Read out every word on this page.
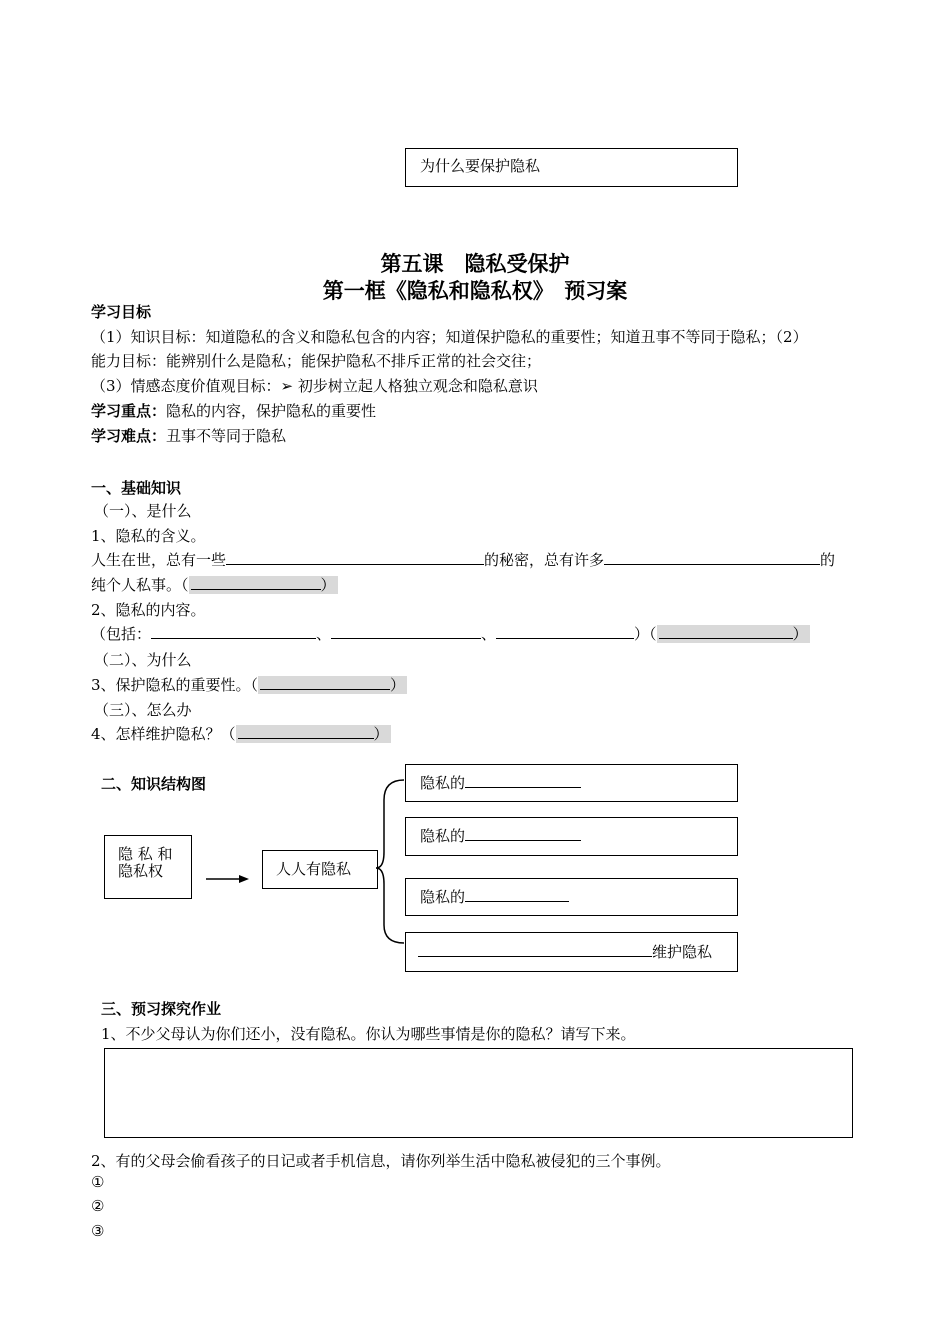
为什么要保护隐私
第五课　隐私受保护
第一框《隐私和隐私权》　预习案
学习目标
（1）知识目标：知道隐私的含义和隐私包含的内容；知道保护隐私的重要性；知道丑事不等同于隐私；（2）
能力目标：能辨别什么是隐私；能保护隐私不排斥正常的社会交往；
（3）情感态度价值观目标：➢ 初步树立起人格独立观念和隐私意识
学习重点：隐私的内容，保护隐私的重要性
学习难点：丑事不等同于隐私
一、基础知识
（一）、是什么
1、隐私的含义。
人生在世，总有一些	的秘密，总有许多	的
纯个人私事。（	）
2、隐私的内容。
（包括：	、	、	）（	）
（二）、为什么
3、保护隐私的重要性。（	）
（三）、怎么办
4、怎样维护隐私？（	）
二、知识结构图
隐 私 和
隐私权	人人有隐私
隐私的
隐私的
隐私的
维护隐私
三、预习探究作业
1、不少父母认为你们还小，没有隐私。你认为哪些事情是你的隐私？请写下来。
2、有的父母会偷看孩子的日记或者手机信息，请你列举生活中隐私被侵犯的三个事例。
①
②
③
